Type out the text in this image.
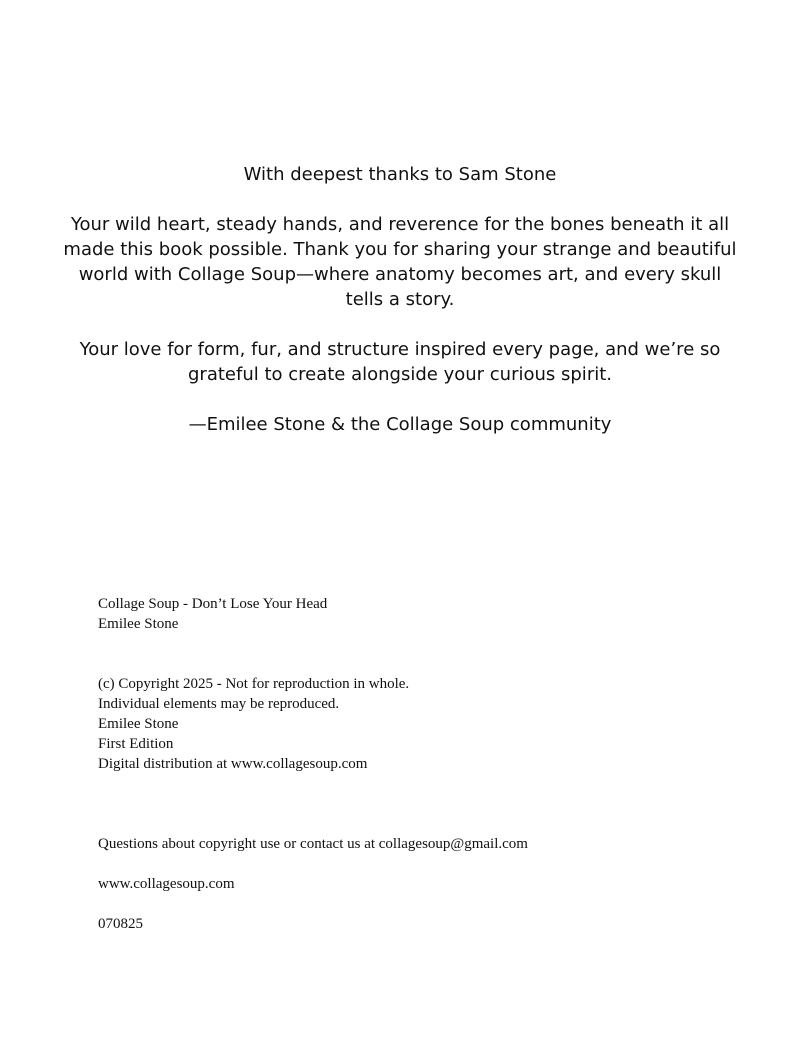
With deepest thanks to Sam Stone

Your wild heart, steady hands, and reverence for the bones beneath it all made this book possible. Thank you for sharing your strange and beautiful world with Collage Soup—where anatomy becomes art, and every skull tells a story.

Your love for form, fur, and structure inspired every page, and we’re so grateful to create alongside your curious spirit.

—Emilee Stone & the Collage Soup community

Collage Soup - Don’t Lose Your Head
Emilee Stone
(c) Copyright 2025 - Not for reproduction in whole.
Individual elements may be reproduced.
Emilee Stone
First Edition
Digital distribution at www.collagesoup.com
Questions about copyright use or contact us at collagesoup@gmail.com
www.collagesoup.com
070825
